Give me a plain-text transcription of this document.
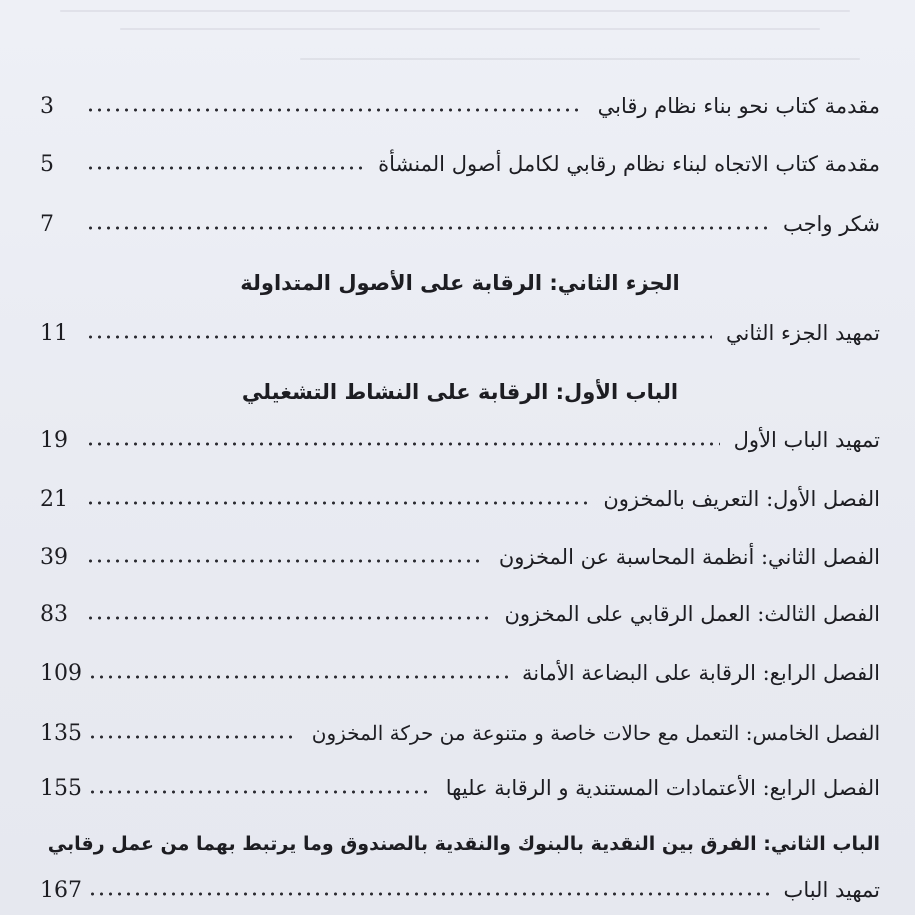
مقدمة كتاب نحو بناء نظام رقابي
3
مقدمة كتاب الاتجاه لبناء نظام رقابي لكامل أصول المنشأة
5
شكر واجب
7
الجزء الثاني: الرقابة على الأصول المتداولة
تمهيد الجزء الثاني
11
الباب الأول: الرقابة على النشاط التشغيلي
تمهيد الباب الأول
19
الفصل الأول: التعريف بالمخزون
21
الفصل الثاني: أنظمة المحاسبة عن المخزون
39
الفصل الثالث: العمل الرقابي على المخزون
83
الفصل الرابع: الرقابة على البضاعة الأمانة
109
الفصل الخامس: التعمل مع حالات خاصة و متنوعة من حركة المخزون
135
الفصل الرابع: الأعتمادات المستندية و الرقابة عليها
155
الباب الثاني: الفرق بين النقدية بالبنوك والنقدية بالصندوق وما يرتبط بهما من عمل رقابي
تمهيد الباب
167
